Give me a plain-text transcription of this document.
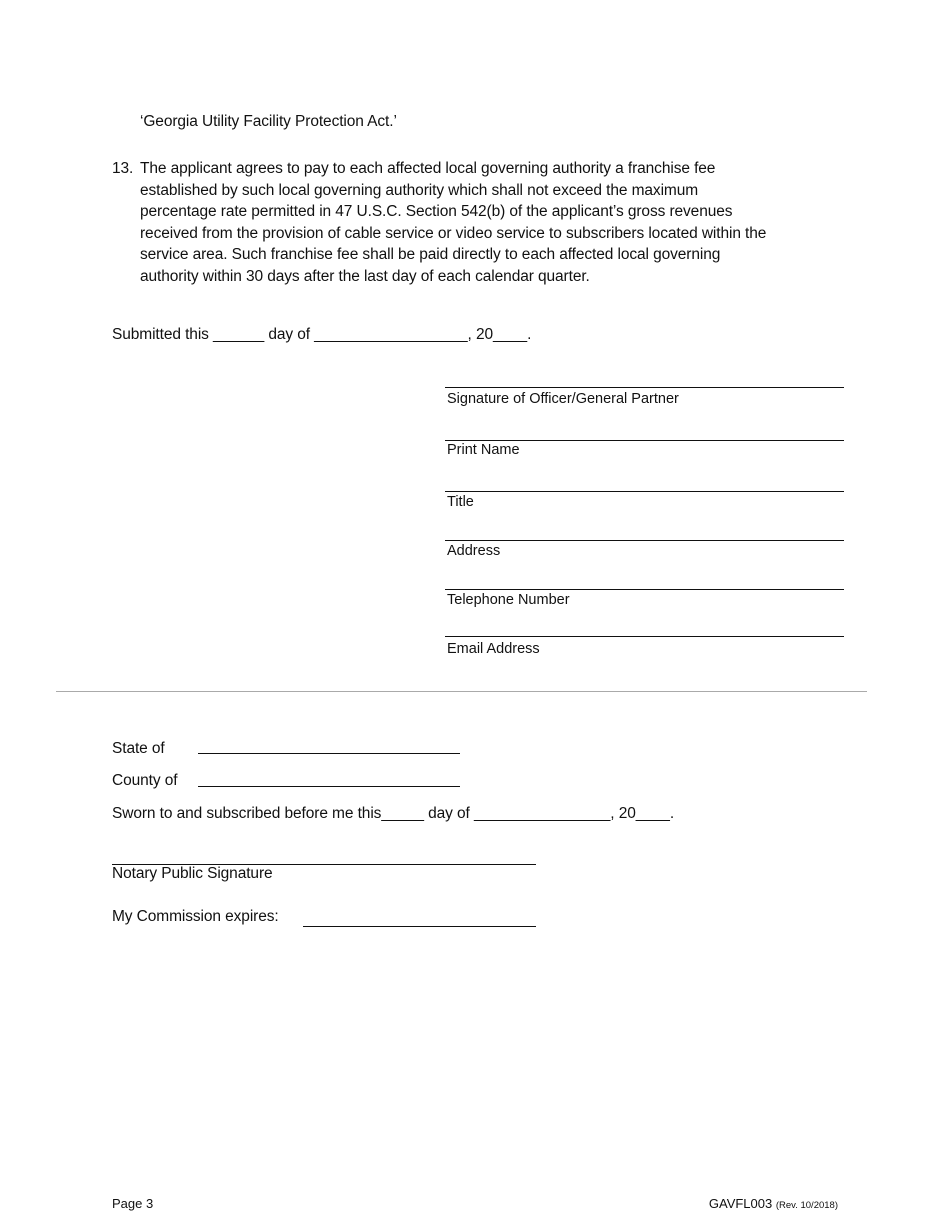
‘Georgia Utility Facility Protection Act.’
13. The applicant agrees to pay to each affected local governing authority a franchise fee
established by such local governing authority which shall not exceed the maximum
percentage rate permitted in 47 U.S.C. Section 542(b) of the applicant’s gross revenues
received from the provision of cable service or video service to subscribers located within the
service area. Such franchise fee shall be paid directly to each affected local governing
authority within 30 days after the last day of each calendar quarter.
Submitted this ______ day of __________________, 20____.
Signature of Officer/General Partner
Print Name
Title
Address
Telephone Number
Email Address
State of
County of
Sworn to and subscribed before me this_____ day of ________________, 20____.
Notary Public Signature
My Commission expires:
Page 3	GAVFL003 (Rev. 10/2018)
